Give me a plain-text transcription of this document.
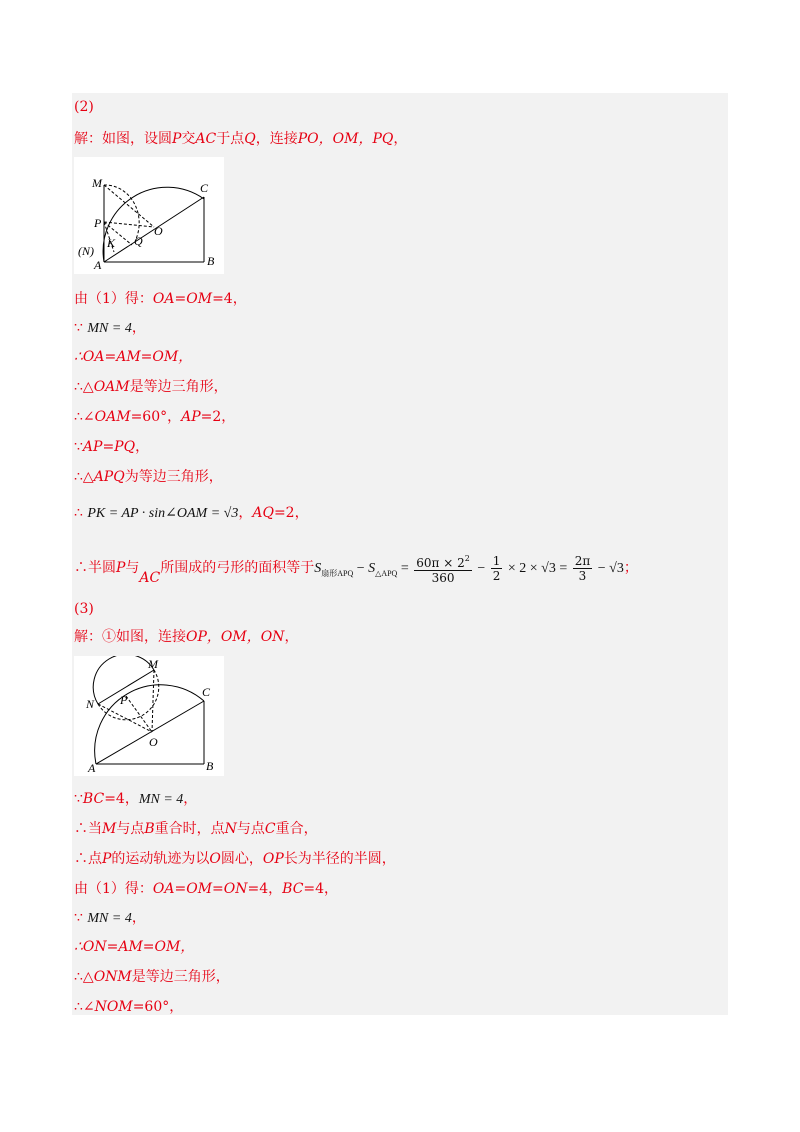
(2)
解：如图，设圆P交AC于点Q，连接PO，OM，PQ，
M	C
P
O
Q
(N)
K
A	B
由（1）得：OA=OM=4，
∵ MN = 4，
∴OA=AM=OM，
∴△OAM是等边三角形，
∴∠OAM=60°，AP=2，
∵AP=PQ，
∴△APQ为等边三角形，
∴ PK = AP · sin∠OAM = √3，AQ=2，
∴半圆P与AC所围成的弓形的面积等于$S_{扇形APQ} - S_{\triangle APQ} = \frac{60\pi \times 2^2}{360} - \frac{1}{2} \times 2 \times √3 = \frac{2\pi}{3} - √3$；
(3)
解：①如图，连接OP，OM，ON，
M
N P
C
O
A	B
∵BC=4，MN = 4，
∴当M与点B重合时，点N与点C重合，
∴点P的运动轨迹为以O圆心，OP长为半径的半圆，
由（1）得：OA=OM=ON=4，BC=4，
∵ MN = 4，
∴ON=AM=OM，
∴△ONM是等边三角形，
∴∠NOM=60°，
